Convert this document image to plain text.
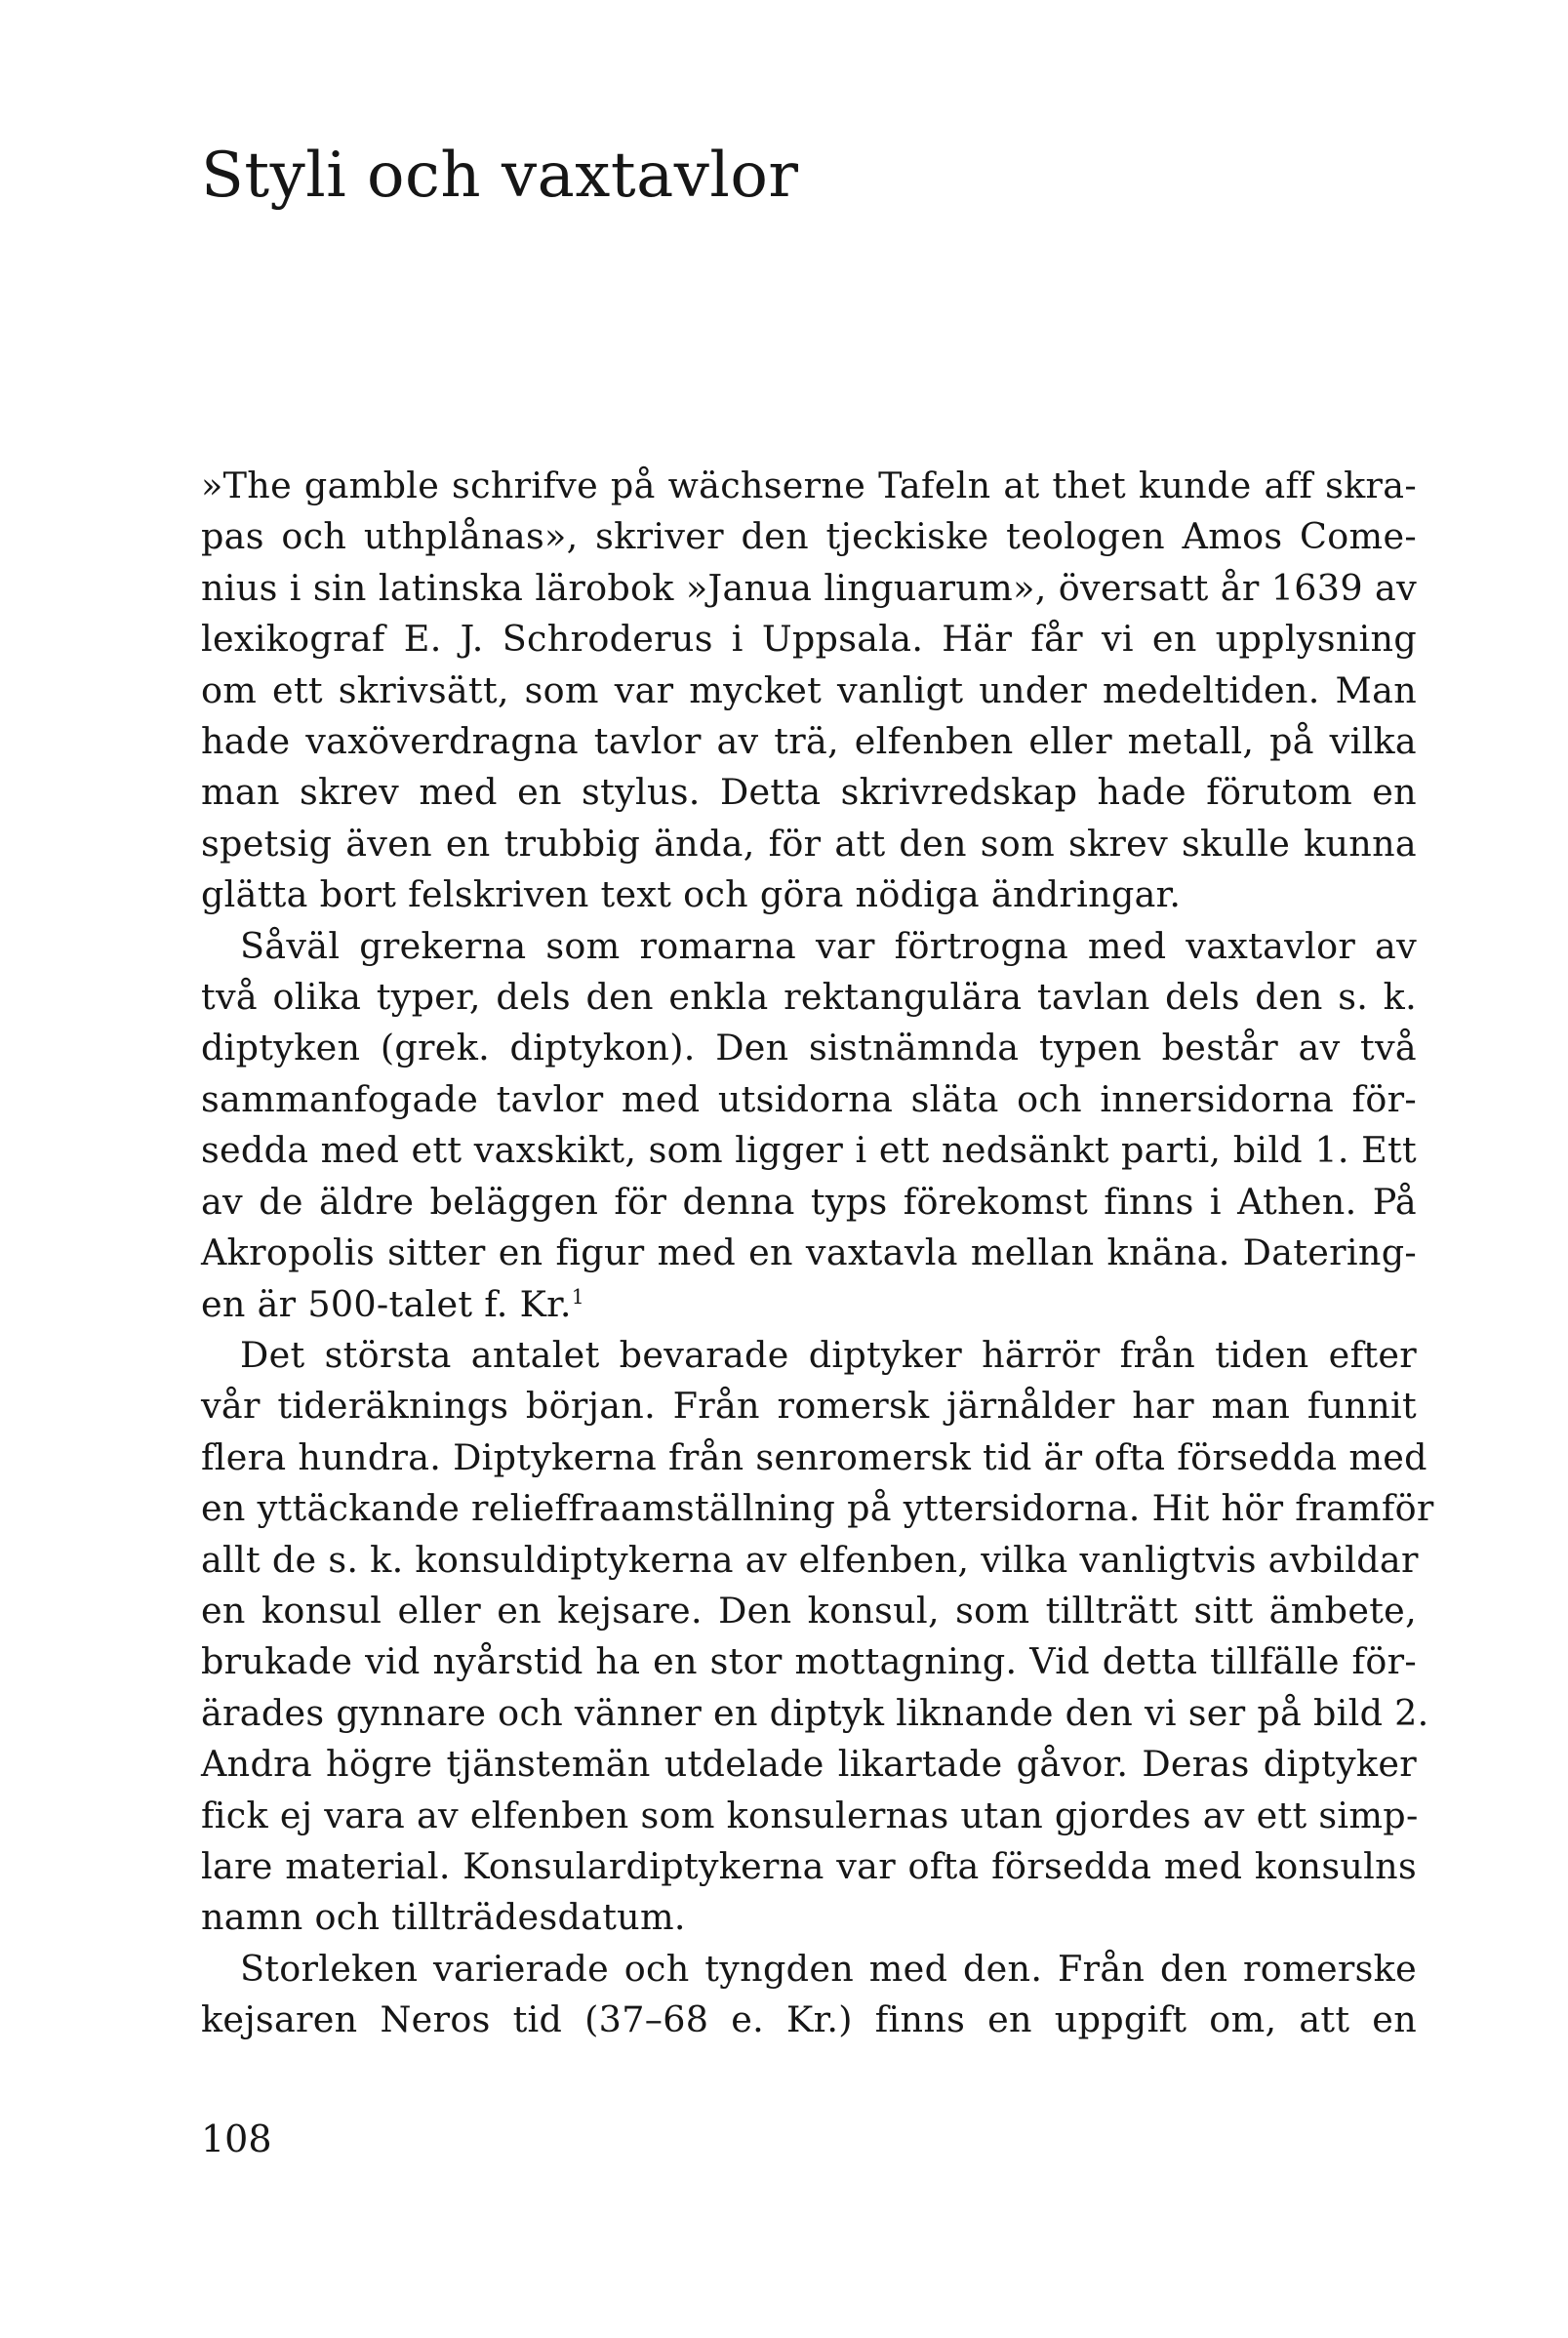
Styli och vaxtavlor

»The gamble schrifve på wächserne Tafeln at thet kunde aff skra-
pas och uthplånas», skriver den tjeckiske teologen Amos Come-
nius i sin latinska lärobok »Janua linguarum», översatt år 1639 av
lexikograf E. J. Schroderus i Uppsala. Här får vi en upplysning
om ett skrivsätt, som var mycket vanligt under medeltiden. Man
hade vaxöverdragna tavlor av trä, elfenben eller metall, på vilka
man skrev med en stylus. Detta skrivredskap hade förutom en
spetsig även en trubbig ända, för att den som skrev skulle kunna
glätta bort felskriven text och göra nödiga ändringar.

Såväl grekerna som romarna var förtrogna med vaxtavlor av
två olika typer, dels den enkla rektangulära tavlan dels den s. k.
diptyken (grek. diptykon). Den sistnämnda typen består av två
sammanfogade tavlor med utsidorna släta och innersidorna för-
sedda med ett vaxskikt, som ligger i ett nedsänkt parti, bild 1. Ett
av de äldre beläggen för denna typs förekomst finns i Athen. På
Akropolis sitter en figur med en vaxtavla mellan knäna. Datering-
en är 500-talet f. Kr.$^1$

Det största antalet bevarade diptyker härrör från tiden efter
vår tideräknings början. Från romersk järnålder har man funnit
flera hundra. Diptykerna från senromersk tid är ofta försedda med
en yttäckande relieffraamställning på yttersidorna. Hit hör framför
allt de s. k. konsuldiptykerna av elfenben, vilka vanligtvis avbildar
en konsul eller en kejsare. Den konsul, som tillträtt sitt ämbete,
brukade vid nyårstid ha en stor mottagning. Vid detta tillfälle för-
ärades gynnare och vänner en diptyk liknande den vi ser på bild 2.
Andra högre tjänstemän utdelade likartade gåvor. Deras diptyker
fick ej vara av elfenben som konsulernas utan gjordes av ett simp-
lare material. Konsulardiptykerna var ofta försedda med konsulns
namn och tillträdesdatum.

Storleken varierade och tyngden med den. Från den romerske
kejsaren Neros tid (37–68 e. Kr.) finns en uppgift om, att en

108
